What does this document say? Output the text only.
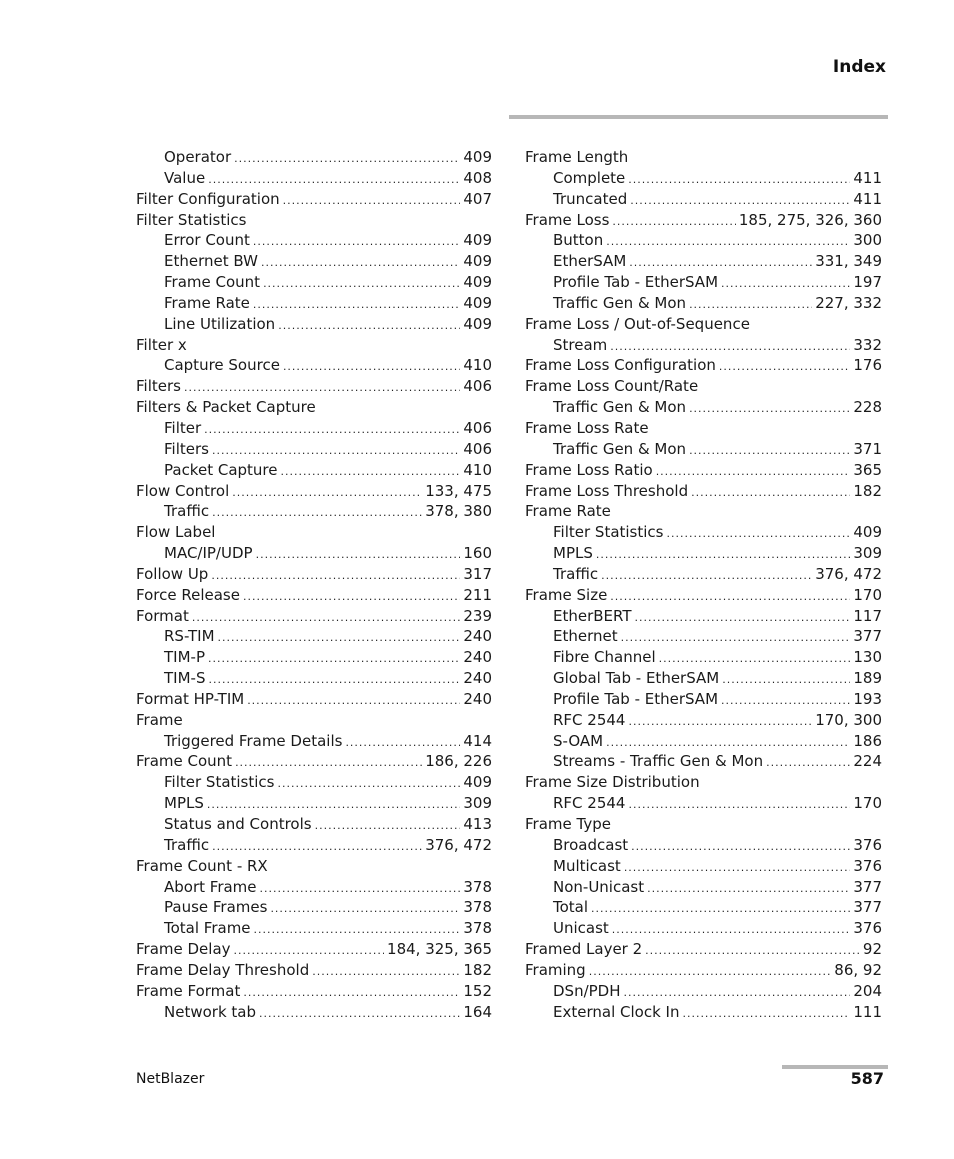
Index
Operator .....	409
Value .....	408
Filter Configuration .....	407
Filter Statistics
Error Count .....	409
Ethernet BW .....	409
Frame Count .....	409
Frame Rate .....	409
Line Utilization .....	409
Filter x
Capture Source .....	410
Filters .....	406
Filters & Packet Capture
Filter .....	406
Filters .....	406
Packet Capture .....	410
Flow Control .....	133, 475
Traffic .....	378, 380
Flow Label
MAC/IP/UDP .....	160
Follow Up .....	317
Force Release .....	211
Format .....	239
RS-TIM .....	240
TIM-P .....	240
TIM-S .....	240
Format HP-TIM .....	240
Frame
Triggered Frame Details .....	414
Frame Count .....	186, 226
Filter Statistics .....	409
MPLS .....	309
Status and Controls .....	413
Traffic .....	376, 472
Frame Count - RX
Abort Frame .....	378
Pause Frames .....	378
Total Frame .....	378
Frame Delay .....	184, 325, 365
Frame Delay Threshold .....	182
Frame Format .....	152
Network tab .....	164
Frame Length
Complete .....	411
Truncated .....	411
Frame Loss .....	185, 275, 326, 360
Button .....	300
EtherSAM .....	331, 349
Profile Tab - EtherSAM .....	197
Traffic Gen & Mon .....	227, 332
Frame Loss / Out-of-Sequence
Stream .....	332
Frame Loss Configuration .....	176
Frame Loss Count/Rate
Traffic Gen & Mon .....	228
Frame Loss Rate
Traffic Gen & Mon .....	371
Frame Loss Ratio .....	365
Frame Loss Threshold .....	182
Frame Rate
Filter Statistics .....	409
MPLS .....	309
Traffic .....	376, 472
Frame Size .....	170
EtherBERT .....	117
Ethernet .....	377
Fibre Channel .....	130
Global Tab - EtherSAM .....	189
Profile Tab - EtherSAM .....	193
RFC 2544 .....	170, 300
S-OAM .....	186
Streams - Traffic Gen & Mon .....	224
Frame Size Distribution
RFC 2544 .....	170
Frame Type
Broadcast .....	376
Multicast .....	376
Non-Unicast .....	377
Total .....	377
Unicast .....	376
Framed Layer 2 .....	92
Framing .....	86, 92
DSn/PDH .....	204
External Clock In .....	111
NetBlazer	587
